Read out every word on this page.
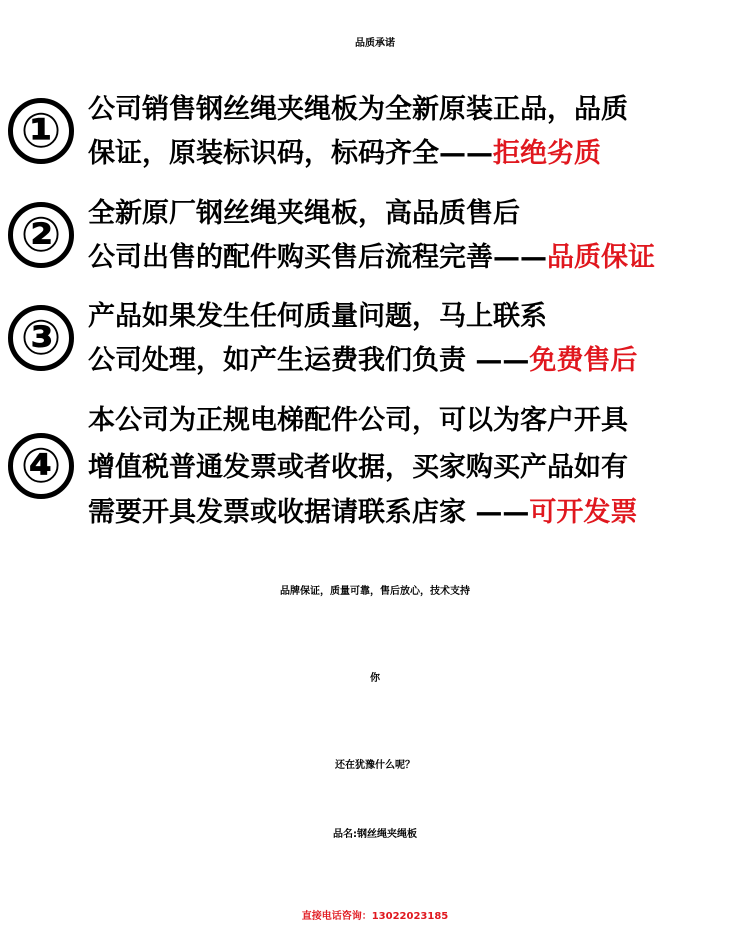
品质承诺
① 公司销售钢丝绳夹绳板为全新原装正品，品质
保证，原装标识码，标码齐全——拒绝劣质
② 全新原厂钢丝绳夹绳板，高品质售后
公司出售的配件购买售后流程完善——品质保证
③ 产品如果发生任何质量问题，马上联系
公司处理，如产生运费我们负责 ——免费售后
④
本公司为正规电梯配件公司，可以为客户开具
增值税普通发票或者收据，买家购买产品如有
需要开具发票或收据请联系店家 ——可开发票
品牌保证，质量可靠，售后放心，技术支持
你
还在犹豫什么呢？
品名:钢丝绳夹绳板
直接电话咨询：13022023185
